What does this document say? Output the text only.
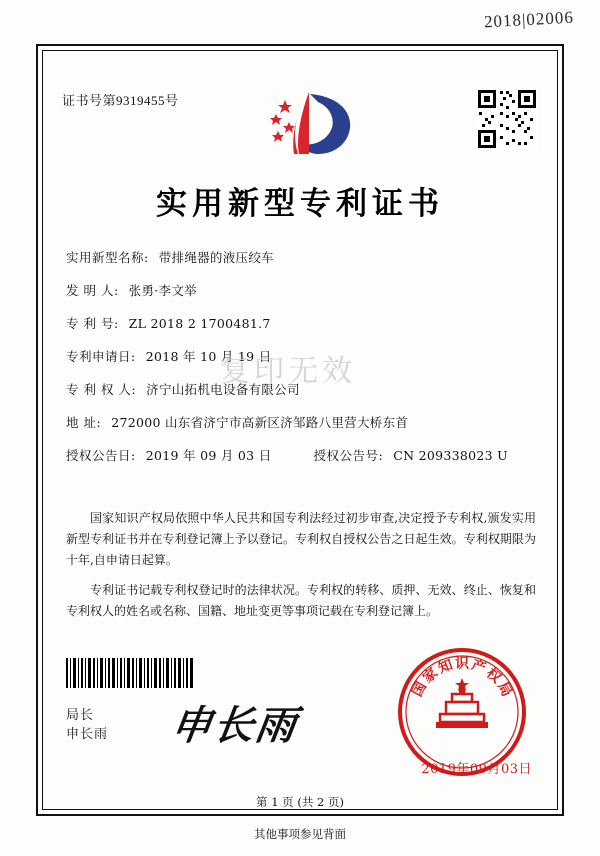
2018|02006
证书号第9319455号
实用新型专利证书
实用新型名称: 带排绳器的液压绞车
发 明 人: 张勇·李文举
专 利 号: ZL 2018 2 1700481.7
专利申请日: 2018 年 10 月 19 日
专 利 权 人: 济宁山拓机电设备有限公司
地 址: 272000 山东省济宁市高新区济邹路八里营大桥东首
授权公告日: 2019 年 09 月 03 日	授权公告号: CN 209338023 U
复印无效
国家知识产权局依照中华人民共和国专利法经过初步审查,决定授予专利权,颁发实用新型专利证书并在专利登记簿上予以登记。专利权自授权公告之日起生效。专利权期限为十年,自申请日起算。
专利证书记载专利权登记时的法律状况。专利权的转移、质押、无效、终止、恢复和专利权人的姓名或名称、国籍、地址变更等事项记载在专利登记簿上。
局长
申长雨 申长雨
国
家
知 识 产
权
局
2019年09月03日
第 1 页 (共 2 页)
其他事项参见背面
